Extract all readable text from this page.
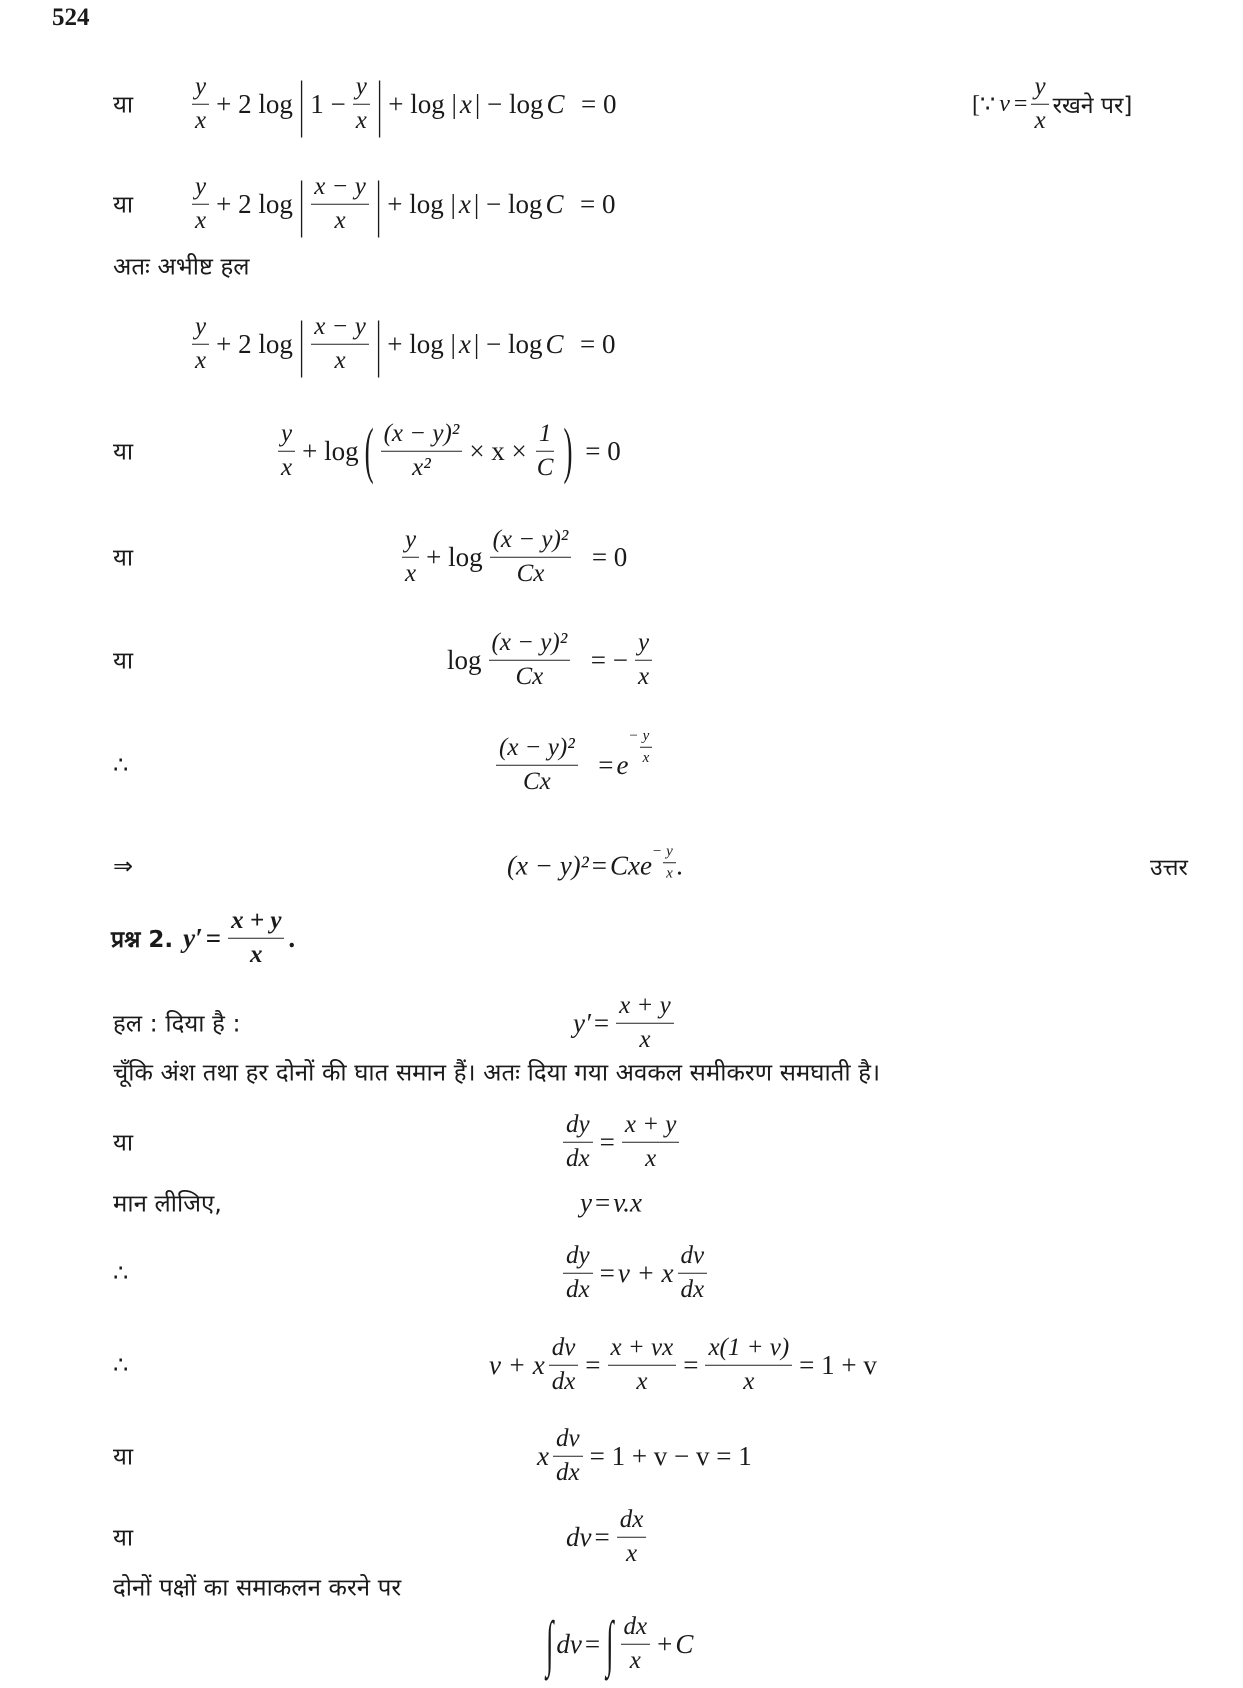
524
या $\frac{y}{x} + 2$ log | $1 - \frac{y}{x}$ | + log | x | − log C = 0
या $\frac{y}{x} + 2$ log | $\frac{x - y}{x}$ | + log | x | − log C = 0
अतः अभीष्ट हल
$\frac{y}{x} + 2$ log | $\frac{x - y}{x}$ | + log | x | − log C = 0
या	$\frac{y}{x} + \log$ ( $\frac{\text{(x − y)²}}{\text{x²}} \times x \times \frac{1}{C}$ ) = 0
या	$\frac{y}{x} + \log \frac{\text{(x − y)²}}{Cx} = 0$
या	$\log \frac{\text{(x − y)²}}{Cx}$ = − $\frac{y}{x}$
∴	$\frac{\text{(x − y)²}}{Cx} = e$
− $\frac{y}{x}$
⇒	(x − y)² = Cxe − $\frac{y}{x}$ .
$\frac{dy}{dx} = \frac{x + y}{x}$
या
मान लीजिए,	y = v.x
∴	$\frac{dy}{dx} = v + x \frac{dv}{dx}$
∴	v + x $\frac{dv}{dx} = \frac{x + vx}{x} = \frac{x(1 + v)}{x} = 1 + v$
या	x $\frac{dv}{dx} = 1 + v - v = 1$
या	dv = $\frac{dx}{x}$
दोनों पक्षों का समाकलन करने पर
∫ dv = ∫ $\frac{dx}{x} + C$
[∵ $v = \frac{y}{x}$ रखने पर]
उत्तर
प्रश्न 2. $y' = \frac{x + y}{x}$ .
हल : दिया है :	$y' = \frac{x + y}{x}$
चूँकि अंश तथा हर दोनों की घात समान हैं। अतः दिया गया अवकल समीकरण समघाती है।
